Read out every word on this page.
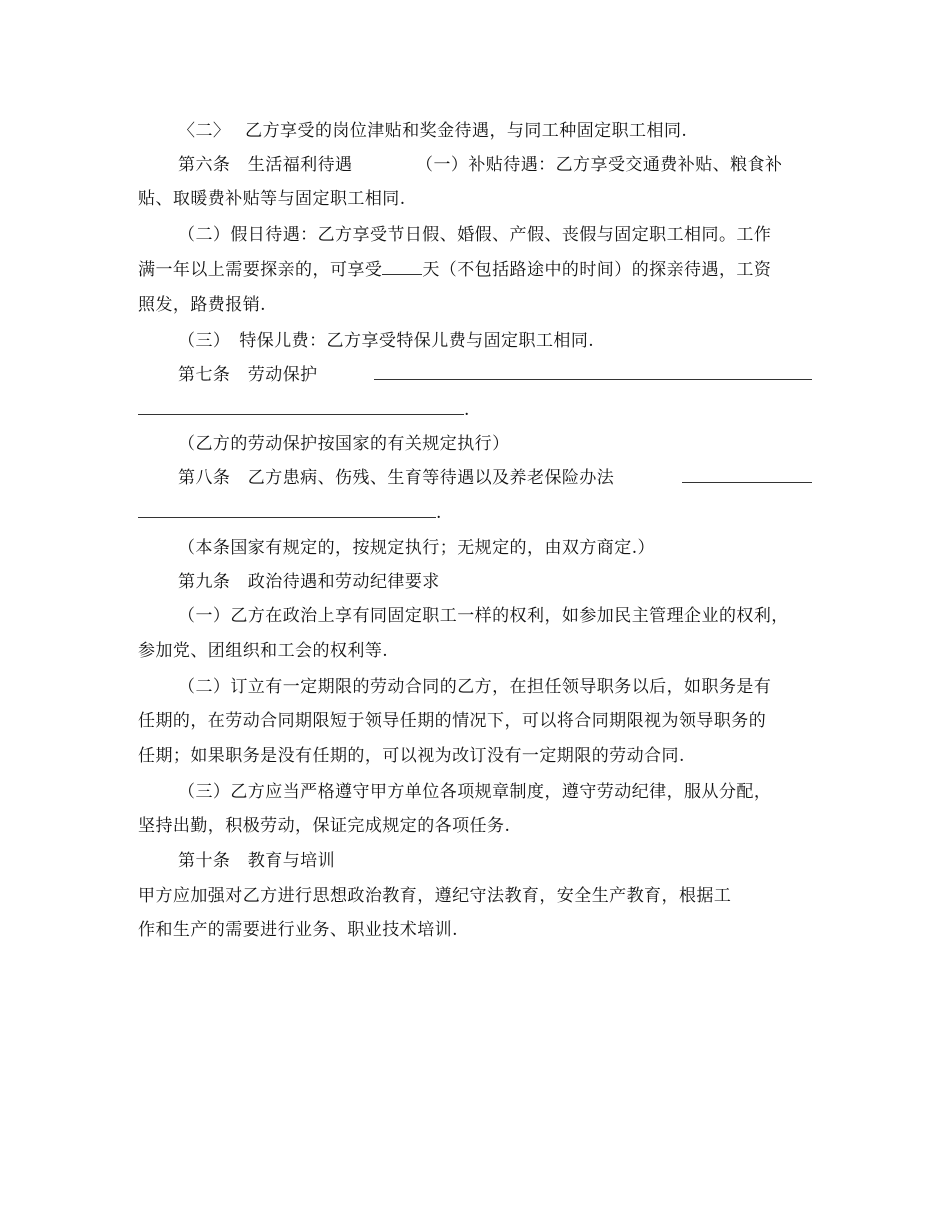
〈二〉　 乙方享受的岗位津贴和奖金待遇，与同工种固定职工相同.
第六条　生活福利待遇	（一）补贴待遇：乙方享受交通费补贴、粮食补
贴、取暖费补贴等与固定职工相同.
（二）假日待遇：乙方享受节日假、婚假、产假、丧假与固定职工相同。工作
满一年以上需要探亲的，可享受 天（不包括路途中的时间）的探亲待遇，工资
照发，路费报销.
（三）　特保儿费：乙方享受特保儿费与固定职工相同.
第七条　劳动保护
.
（乙方的劳动保护按国家的有关规定执行）
第八条　乙方患病、伤残、生育等待遇以及养老保险办法
.
（本条国家有规定的，按规定执行；无规定的，由双方商定.）
第九条　政治待遇和劳动纪律要求
（一）乙方在政治上享有同固定职工一样的权利，如参加民主管理企业的权利，
参加党、团组织和工会的权利等.
（二）订立有一定期限的劳动合同的乙方，在担任领导职务以后，如职务是有
任期的，在劳动合同期限短于领导任期的情况下，可以将合同期限视为领导职务的
任期；如果职务是没有任期的，可以视为改订没有一定期限的劳动合同.
（三）乙方应当严格遵守甲方单位各项规章制度，遵守劳动纪律，服从分配，
坚持出勤，积极劳动，保证完成规定的各项任务.
第十条　教育与培训
甲方应加强对乙方进行思想政治教育，遵纪守法教育，安全生产教育，根据工
作和生产的需要进行业务、职业技术培训.
